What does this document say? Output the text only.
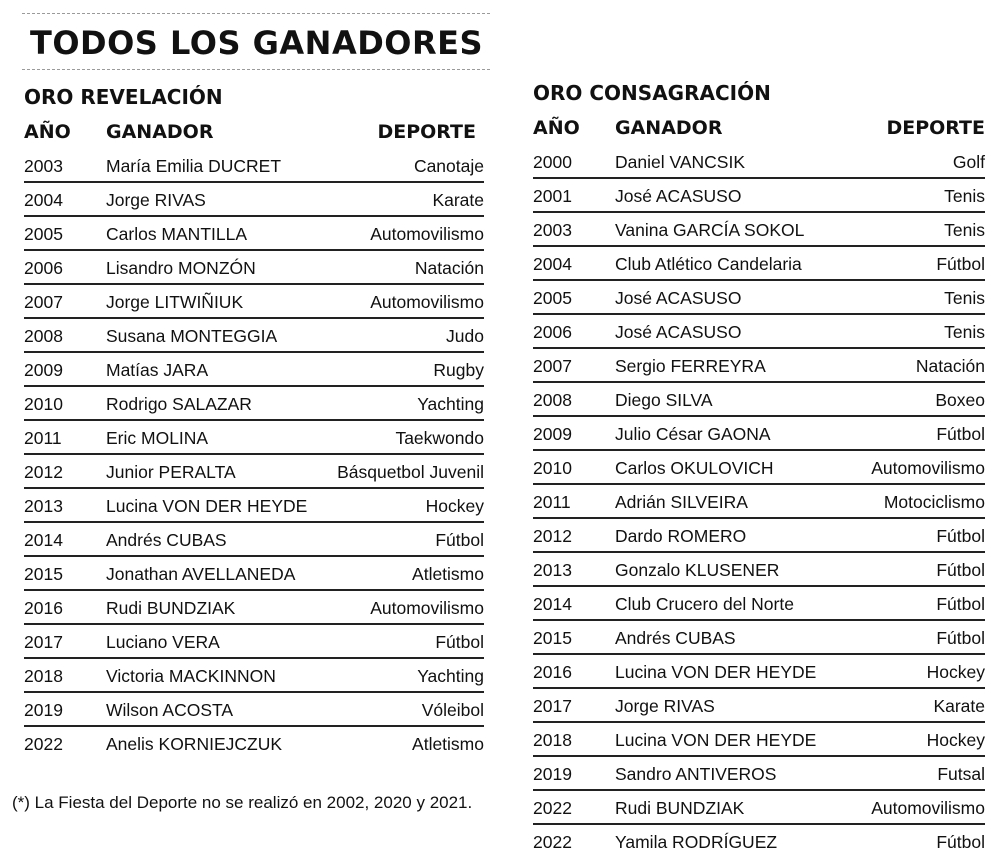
TODOS LOS GANADORES
ORO REVELACIÓN
AÑO GANADOR	DEPORTE
2003 María Emilia DUCRET	Canotaje
2004 Jorge RIVAS	Karate
2005 Carlos MANTILLA	Automovilismo
2006 Lisandro MONZÓN	Natación
2007 Jorge LITWIÑIUK	Automovilismo
2008 Susana MONTEGGIA	Judo
2009 Matías JARA	Rugby
2010 Rodrigo SALAZAR	Yachting
2011	Eric MOLINA	Taekwondo
2012 Junior PERALTA	Básquetbol Juvenil
2013 Lucina VON DER HEYDE	Hockey
2014 Andrés CUBAS	Fútbol
2015 Jonathan AVELLANEDA	Atletismo
2016 Rudi BUNDZIAK	Automovilismo
2017 Luciano VERA	Fútbol
2018 Victoria MACKINNON	Yachting
2019 Wilson ACOSTA	Vóleibol
2022 Anelis KORNIEJCZUK	Atletismo
ORO CONSAGRACIÓN
AÑO GANADOR	DEPORTE
2000 Daniel VANCSIK	Golf
2001 José ACASUSO	Tenis
2003 Vanina GARCÍA SOKOL	Tenis
2004 Club Atlético Candelaria	Fútbol
2005 José ACASUSO	Tenis
2006 José ACASUSO	Tenis
2007 Sergio FERREYRA	Natación
2008 Diego SILVA	Boxeo
2009 Julio César GAONA	Fútbol
2010 Carlos OKULOVICH	Automovilismo
2011	Adrián SILVEIRA	Motociclismo
2012 Dardo ROMERO	Fútbol
2013 Gonzalo KLUSENER	Fútbol
2014 Club Crucero del Norte	Fútbol
2015 Andrés CUBAS	Fútbol
2016 Lucina VON DER HEYDE	Hockey
2017 Jorge RIVAS	Karate
2018 Lucina VON DER HEYDE	Hockey
2019 Sandro ANTIVEROS	Futsal
2022 Rudi BUNDZIAK	Automovilismo
2022 Yamila RODRÍGUEZ	Fútbol
(*) La Fiesta del Deporte no se realizó en 2002, 2020 y 2021.
